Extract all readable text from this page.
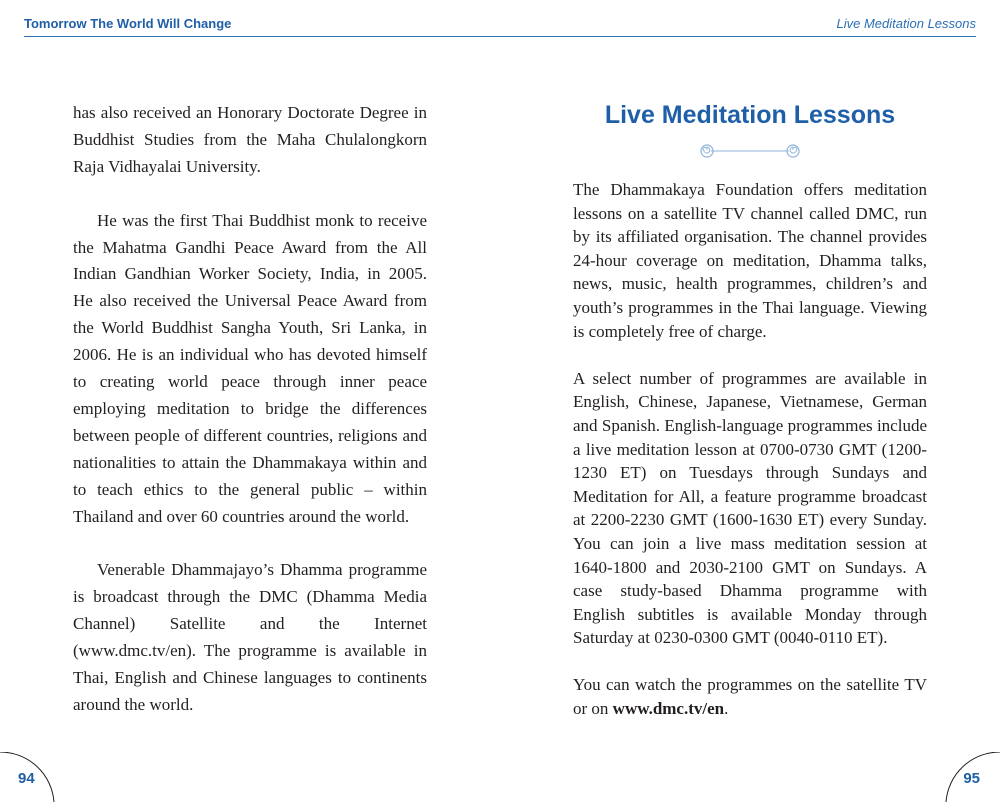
Tomorrow The World Will Change	Live Meditation Lessons

has also received an Honorary Doctorate Degree in Buddhist Studies from the Maha Chulalongkorn Raja Vidhayalai University.

He was the first Thai Buddhist monk to receive the Mahatma Gandhi Peace Award from the All Indian Gandhian Worker Society, India, in 2005. He also received the Universal Peace Award from the World Buddhist Sangha Youth, Sri Lanka, in 2006. He is an individual who has devoted himself to creating world peace through inner peace employing meditation to bridge the differences between people of different countries, religions and nationalities to attain the Dhammakaya within and to teach ethics to the general public – within Thailand and over 60 countries around the world.

Venerable Dhammajayo’s Dhamma programme is broadcast through the DMC (Dhamma Media Channel) Satellite and the Internet (www.dmc.tv/en). The programme is available in Thai, English and Chinese languages to continents around the world.

Live Meditation Lessons

The Dhammakaya Foundation offers meditation lessons on a satellite TV channel called DMC, run by its affiliated organisation. The channel provides 24-hour coverage on meditation, Dhamma talks, news, music, health programmes, children’s and youth’s programmes in the Thai language. Viewing is completely free of charge.

A select number of programmes are available in English, Chinese, Japanese, Vietnamese, German and Spanish. English-language programmes include a live meditation lesson at 0700-0730 GMT (1200-1230 ET) on Tuesdays through Sundays and Meditation for All, a feature programme broadcast at 2200-2230 GMT (1600-1630 ET) every Sunday. You can join a live mass meditation session at 1640-1800 and 2030-2100 GMT on Sundays. A case study-based Dhamma programme with English subtitles is available Monday through Saturday at 0230-0300 GMT (0040-0110 ET).

You can watch the programmes on the satellite TV or on www.dmc.tv/en.

94	95
